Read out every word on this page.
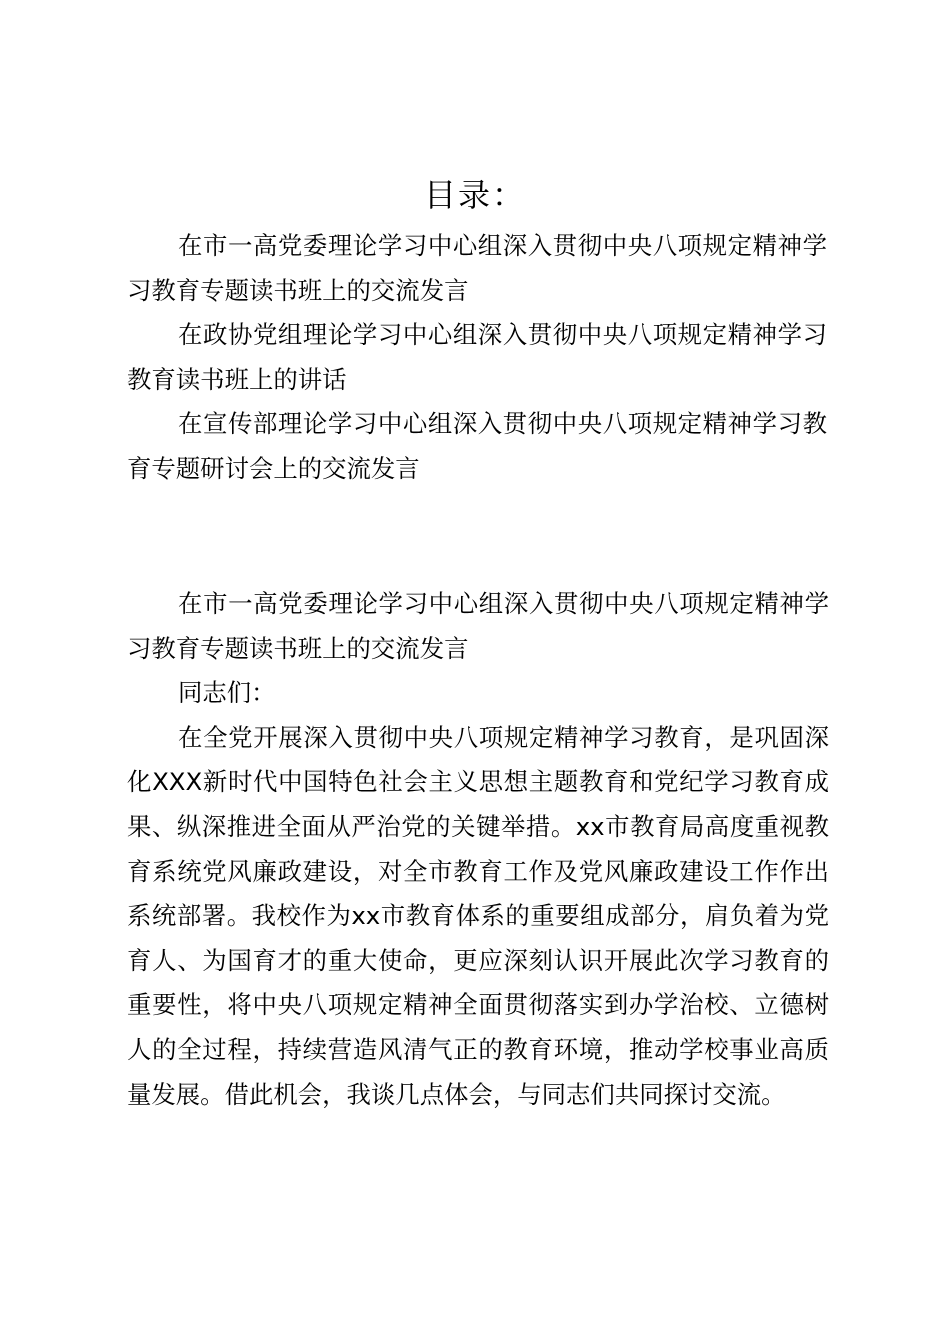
目录：
在市一高党委理论学习中心组深入贯彻中央八项规定精神学习教育专题读书班上的交流发言
在政协党组理论学习中心组深入贯彻中央八项规定精神学习教育读书班上的讲话
在宣传部理论学习中心组深入贯彻中央八项规定精神学习教育专题研讨会上的交流发言
在市一高党委理论学习中心组深入贯彻中央八项规定精神学习教育专题读书班上的交流发言
同志们：
在全党开展深入贯彻中央八项规定精神学习教育，是巩固深化XXX新时代中国特色社会主义思想主题教育和党纪学习教育成果、纵深推进全面从严治党的关键举措。xx市教育局高度重视教育系统党风廉政建设，对全市教育工作及党风廉政建设工作作出系统部署。我校作为xx市教育体系的重要组成部分，肩负着为党育人、为国育才的重大使命，更应深刻认识开展此次学习教育的重要性，将中央八项规定精神全面贯彻落实到办学治校、立德树人的全过程，持续营造风清气正的教育环境，推动学校事业高质量发展。借此机会，我谈几点体会，与同志们共同探讨交流。
